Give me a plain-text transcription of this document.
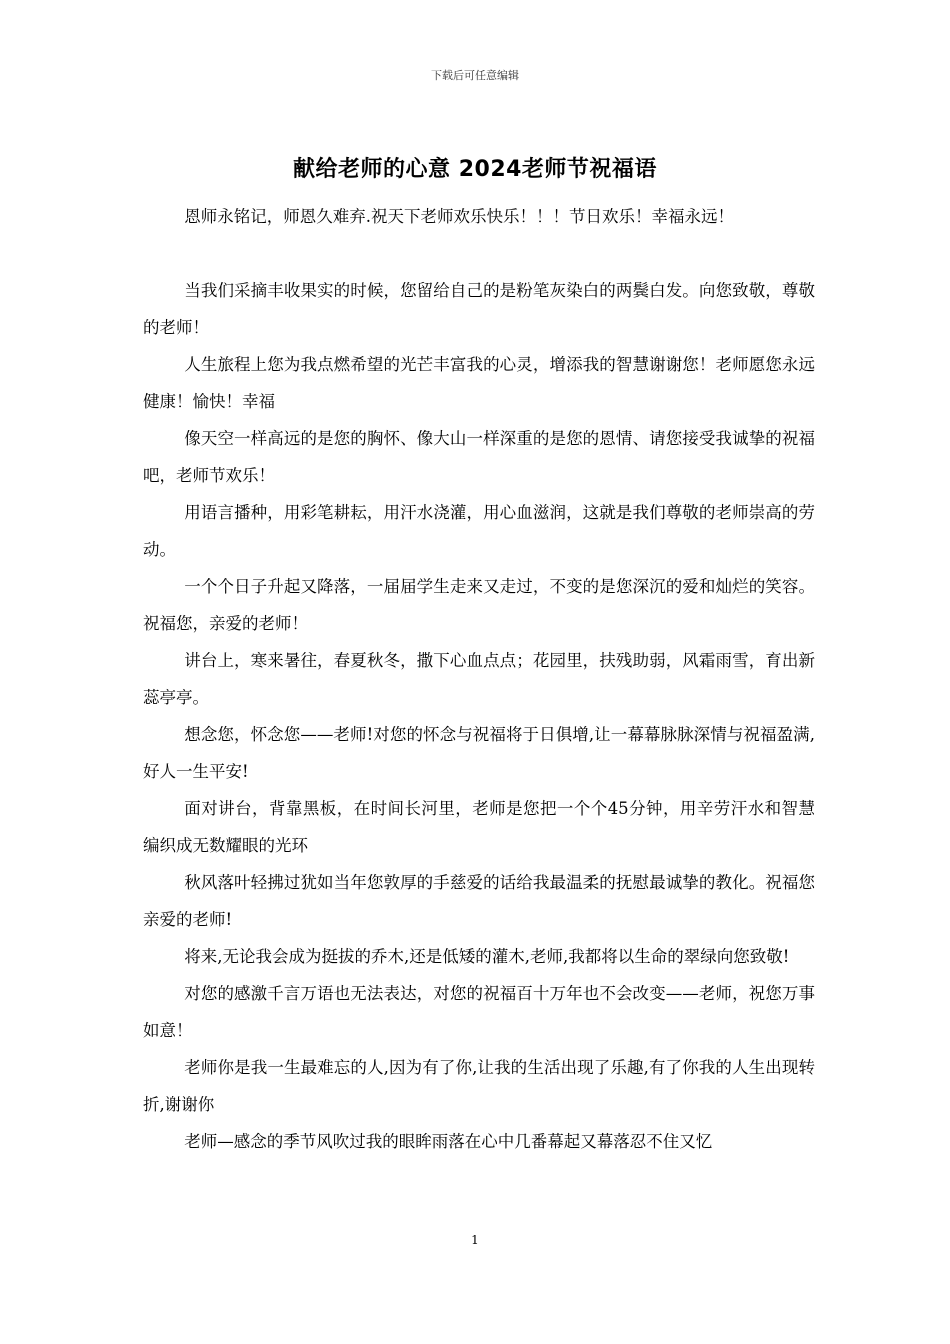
下载后可任意编辑
献给老师的心意 2024老师节祝福语

恩师永铭记，师恩久难弃.祝天下老师欢乐快乐！！！节日欢乐！幸福永远！

当我们采摘丰收果实的时候，您留给自己的是粉笔灰染白的两鬓白发。向您致敬，尊敬的老师！

人生旅程上您为我点燃希望的光芒丰富我的心灵，增添我的智慧谢谢您！老师愿您永远健康！愉快！幸福

像天空一样高远的是您的胸怀、像大山一样深重的是您的恩情、请您接受我诚挚的祝福吧，老师节欢乐！

用语言播种，用彩笔耕耘，用汗水浇灌，用心血滋润，这就是我们尊敬的老师崇高的劳动。

一个个日子升起又降落，一届届学生走来又走过，不变的是您深沉的爱和灿烂的笑容。祝福您，亲爱的老师！

讲台上，寒来暑往，春夏秋冬，撒下心血点点；花园里，扶残助弱，风霜雨雪，育出新蕊亭亭。

想念您，怀念您——老师!对您的怀念与祝福将于日俱增,让一幕幕脉脉深情与祝福盈满,好人一生平安!

面对讲台，背靠黑板，在时间长河里，老师是您把一个个45分钟，用辛劳汗水和智慧编织成无数耀眼的光环

秋风落叶轻拂过犹如当年您敦厚的手慈爱的话给我最温柔的抚慰最诚挚的教化。祝福您亲爱的老师!

将来,无论我会成为挺拔的乔木,还是低矮的灌木,老师,我都将以生命的翠绿向您致敬!

对您的感激千言万语也无法表达，对您的祝福百十万年也不会改变——老师，祝您万事如意！

老师你是我一生最难忘的人,因为有了你,让我的生活出现了乐趣,有了你我的人生出现转折,谢谢你

老师—感念的季节风吹过我的眼眸雨落在心中几番幕起又幕落忍不住又忆

1
